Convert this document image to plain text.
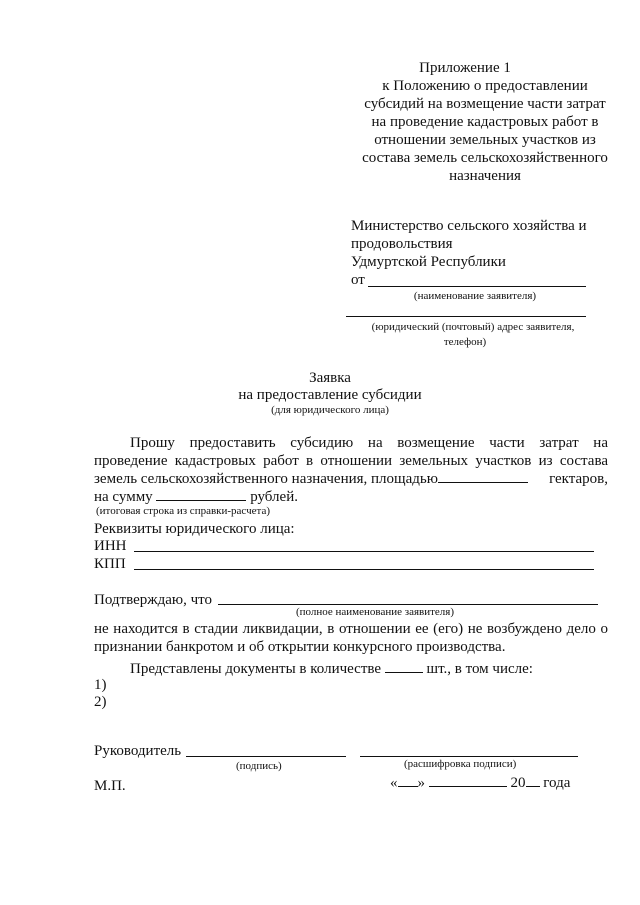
Приложение 1
к Положению о предоставлении
субсидий на возмещение части затрат
на проведение кадастровых работ в
отношении земельных участков из
состава земель сельскохозяйственного
назначения
Министерство сельского хозяйства и
продовольствия
Удмуртской Республики
от
(наименование заявителя)
(юридический (почтовый) адрес заявителя,
телефон)
Заявка
на предоставление субсидии
(для юридического лица)
Прошу предоставить субсидию на возмещение части затрат на
проведение кадастровых работ в отношении земельных участков из состава
земель сельскохозяйственного назначения, площадью	гектаров,
на сумму	рублей.
(итоговая строка из справки-расчета)
Реквизиты юридического лица:
ИНН
КПП
Подтверждаю, что
(полное наименование заявителя)
не находится в стадии ликвидации, в отношении ее (его) не возбуждено дело о
признании банкротом и об открытии конкурсного производства.
Представлены документы в количестве	шт., в том числе:
1)
2)
Руководитель
(подпись)	(расшифровка подписи)
М.П.	« »	20 года
